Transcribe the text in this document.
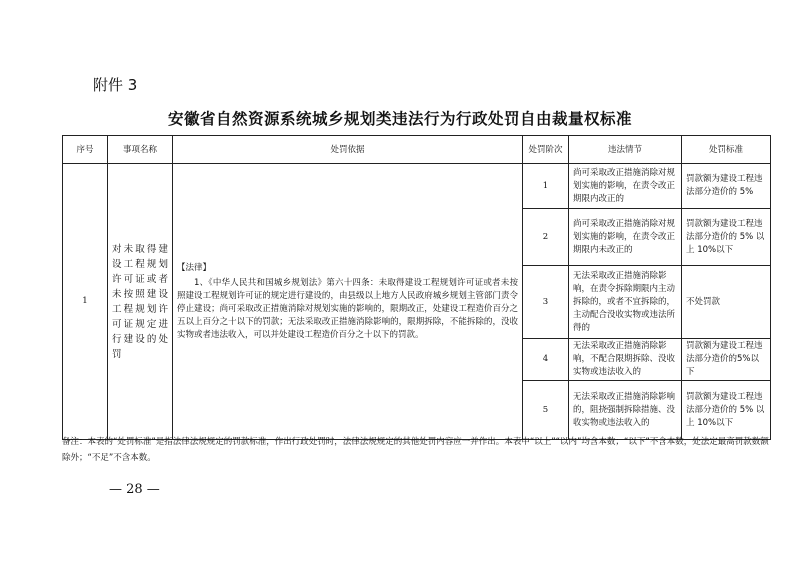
附件 3
安徽省自然资源系统城乡规划类违法行为行政处罚自由裁量权标准
序号	事项名称	处罚依据	处罚阶次	违法情节	处罚标准
1	对未取得建设工程规划许可证或者未按照建设工程规划许可证规定进行建设的处罚	【法律】
1、《中华人民共和国城乡规划法》第六十四条：未取得建设工程规划许可证或者未按照建设工程规划许可证的规定进行建设的，由县级以上地方人民政府城乡规划主管部门责令停止建设；尚可采取改正措施消除对规划实施的影响的，限期改正，处建设工程造价百分之五以上百分之十以下的罚款；无法采取改正措施消除影响的，限期拆除，不能拆除的，没收实物或者违法收入，可以并处建设工程造价百分之十以下的罚款。	1	尚可采取改正措施消除对规划实施的影响，在责令改正期限内改正的	罚款额为建设工程违法部分造价的 5%
			2	尚可采取改正措施消除对规划实施的影响，在责令改正期限内未改正的	罚款额为建设工程违法部分造价的 5% 以上 10%以下
			3	无法采取改正措施消除影响，在责令拆除期限内主动拆除的，或者不宜拆除的，主动配合没收实物或违法所得的	不处罚款
			4	无法采取改正措施消除影响，不配合限期拆除、没收实物或违法收入的	罚款额为建设工程违法部分造价的5%以下
			5	无法采取改正措施消除影响的，阻挠强制拆除措施、没收实物或违法收入的	罚款额为建设工程违法部分造价的 5% 以上 10%以下
备注：本表的“处罚标准”是指法律法规规定的罚款标准，作出行政处罚时，法律法规规定的其他处罚内容应一并作出。本表中“以上”“以内”均含本数；“以下”不含本数，处法定最高罚款数额除外；“不足”不含本数。
— 28 —
